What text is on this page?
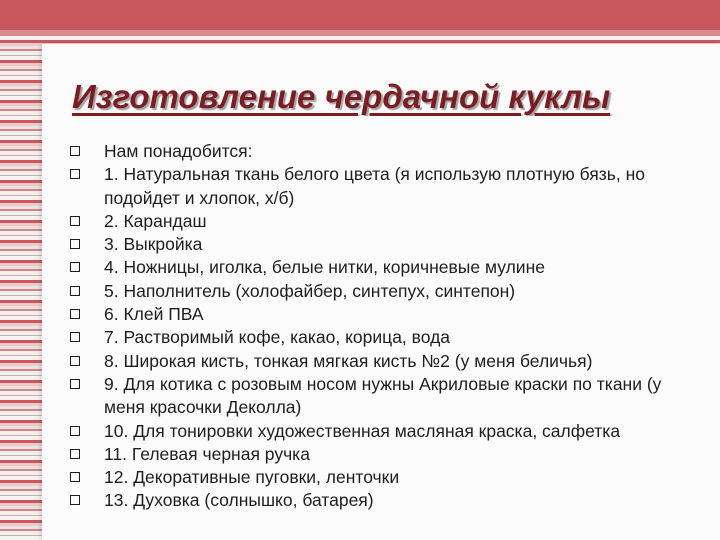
Изготовление чердачной куклы
Нам понадобится:
1. Натуральная ткань белого цвета (я использую плотную бязь, но
подойдет и хлопок, х/б)
2. Карандаш
3. Выкройка
4. Ножницы, иголка, белые нитки, коричневые мулине
5. Наполнитель (холофайбер, синтепух, синтепон)
6. Клей ПВА
7. Растворимый кофе, какао, корица, вода
8. Широкая кисть, тонкая мягкая кисть №2 (у меня беличья)
9. Для котика с розовым носом нужны Акриловые краски по ткани (у
меня красочки Деколла)
10. Для тонировки художественная масляная краска, салфетка
11. Гелевая черная ручка
12. Декоративные пуговки, ленточки
13. Духовка (солнышко, батарея)
